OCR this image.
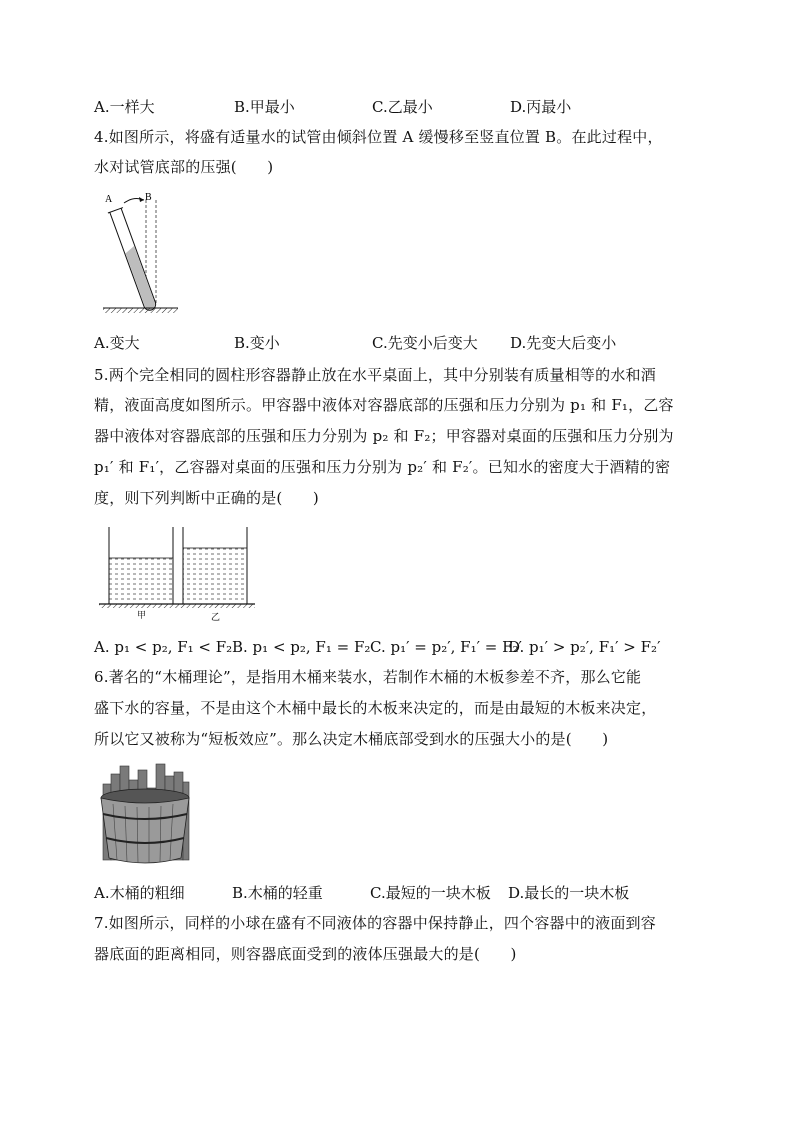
A.一样大	B.甲最小	C.乙最小	D.丙最小
4.如图所示，将盛有适量水的试管由倾斜位置 A 缓慢移至竖直位置 B。在此过程中，
水对试管底部的压强(　　)
A	B
A.变大	B.变小	C.先变小后变大 D.先变大后变小
5.两个完全相同的圆柱形容器静止放在水平桌面上，其中分别装有质量相等的水和酒
精，液面高度如图所示。甲容器中液体对容器底部的压强和压力分别为 p₁ 和 F₁，乙容
器中液体对容器底部的压强和压力分别为 p₂ 和 F₂；甲容器对桌面的压强和压力分别为
p₁′ 和 F₁′，乙容器对桌面的压强和压力分别为 p₂′ 和 F₂′。已知水的密度大于酒精的密
度，则下列判断中正确的是(　　)
甲	乙
A. p₁ < p₂, F₁ < F₂ B. p₁ < p₂, F₁ = F₂ C. p₁′ = p₂′, F₁′ = F₂′
D. p₁′ > p₂′, F₁′ > F₂′
6.著名的“木桶理论”，是指用木桶来装水，若制作木桶的木板参差不齐，那么它能
盛下水的容量，不是由这个木桶中最长的木板来决定的，而是由最短的木板来决定，
所以它又被称为“短板效应”。那么决定木桶底部受到水的压强大小的是(　　)
A.木桶的粗细	B.木桶的轻重	C.最短的一块木板 D.最长的一块木板
7.如图所示，同样的小球在盛有不同液体的容器中保持静止，四个容器中的液面到容
器底面的距离相同，则容器底面受到的液体压强最大的是(　　)
